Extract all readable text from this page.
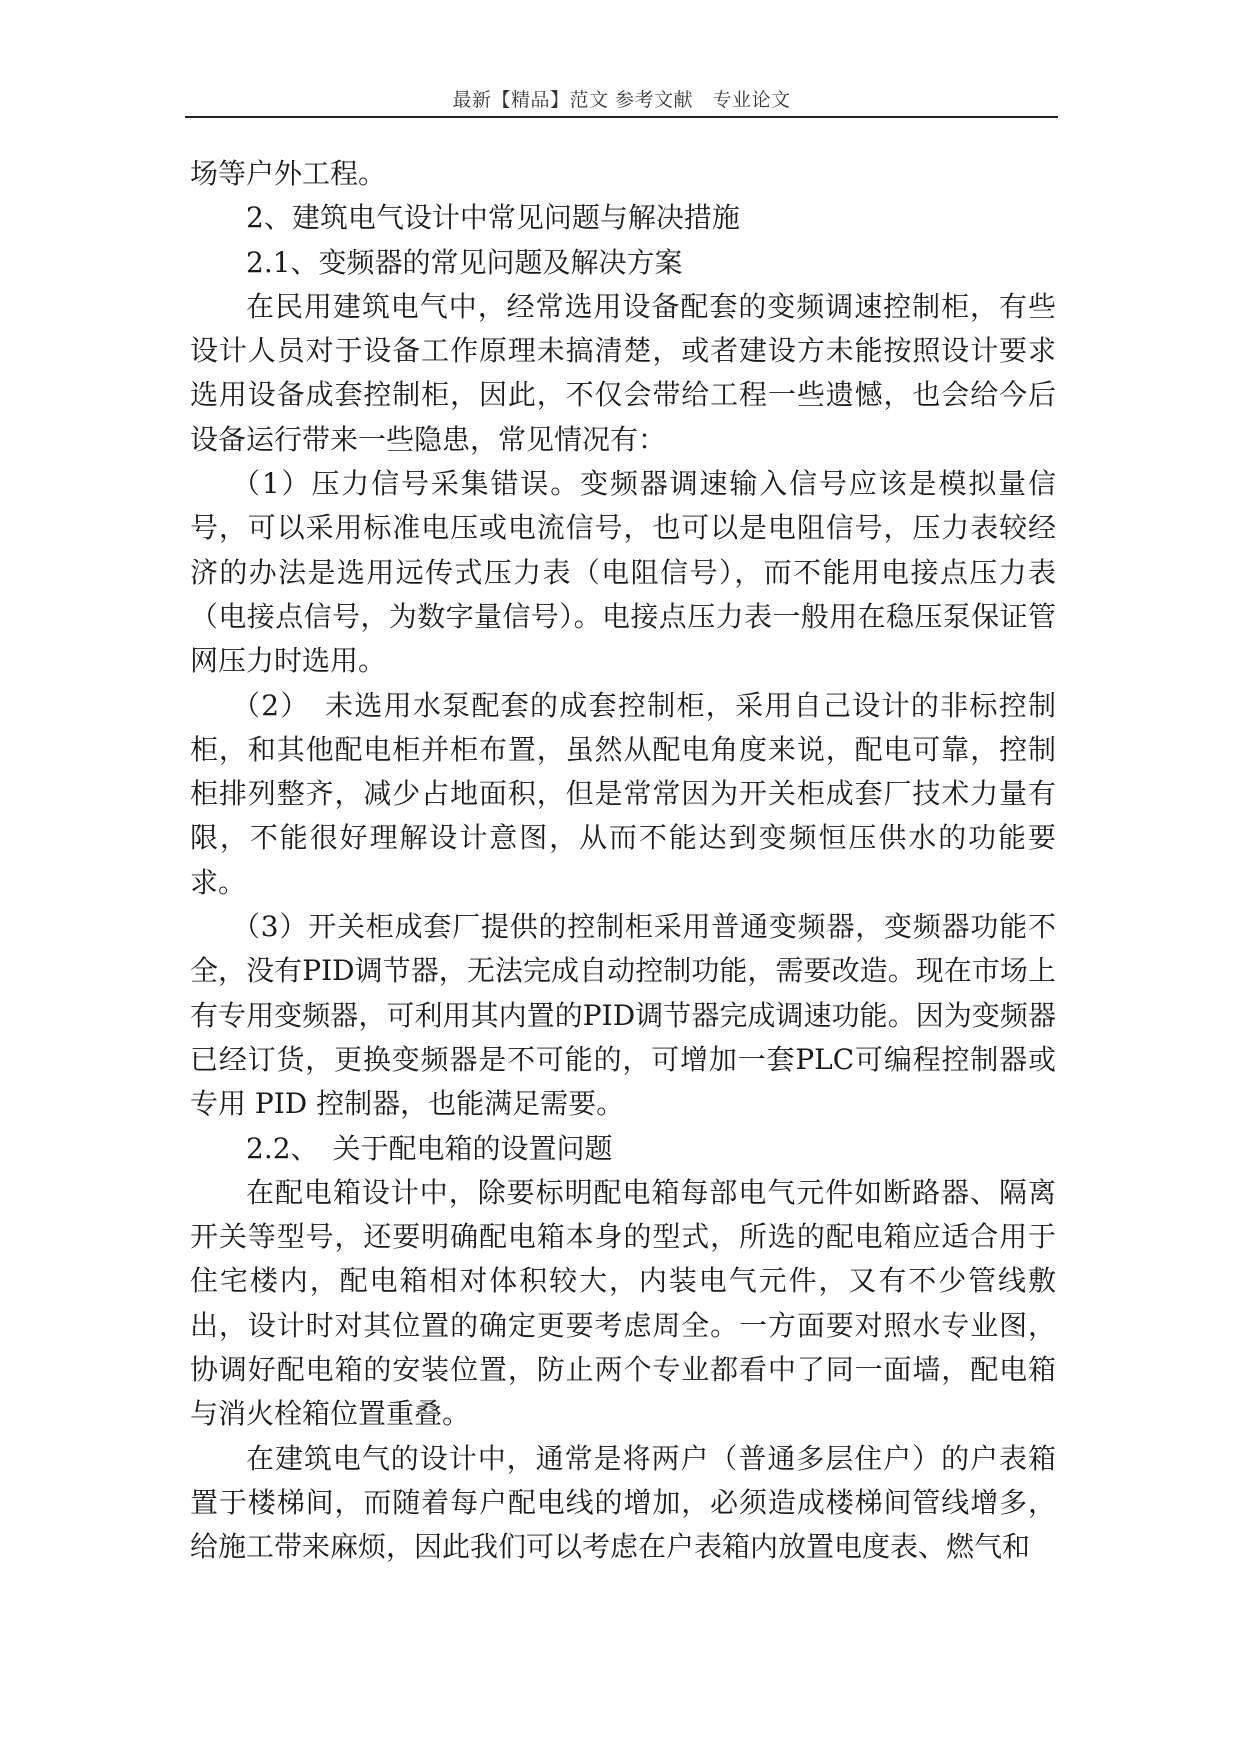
最新【精品】范文 参考文献　专业论文

场等户外工程。

2、建筑电气设计中常见问题与解决措施

2.1、变频器的常见问题及解决方案

在民用建筑电气中，经常选用设备配套的变频调速控制柜，有些设计人员对于设备工作原理未搞清楚，或者建设方未能按照设计要求选用设备成套控制柜，因此，不仅会带给工程一些遗憾，也会给今后设备运行带来一些隐患，常见情况有：

（1）压力信号采集错误。变频器调速输入信号应该是模拟量信号，可以采用标准电压或电流信号，也可以是电阻信号，压力表较经济的办法是选用远传式压力表（电阻信号），而不能用电接点压力表（电接点信号，为数字量信号）。电接点压力表一般用在稳压泵保证管网压力时选用。

（2）　未选用水泵配套的成套控制柜，采用自己设计的非标控制柜，和其他配电柜并柜布置，虽然从配电角度来说，配电可靠，控制柜排列整齐，减少占地面积，但是常常因为开关柜成套厂技术力量有限，不能很好理解设计意图，从而不能达到变频恒压供水的功能要求。

（3）开关柜成套厂提供的控制柜采用普通变频器，变频器功能不全，没有PID调节器，无法完成自动控制功能，需要改造。现在市场上有专用变频器，可利用其内置的PID调节器完成调速功能。因为变频器已经订货，更换变频器是不可能的，可增加一套PLC可编程控制器或专用 PID 控制器，也能满足需要。

2.2、　关于配电箱的设置问题

在配电箱设计中，除要标明配电箱每部电气元件如断路器、隔离开关等型号，还要明确配电箱本身的型式，所选的配电箱应适合用于住宅楼内，配电箱相对体积较大，内装电气元件，又有不少管线敷出，设计时对其位置的确定更要考虑周全。一方面要对照水专业图，协调好配电箱的安装位置，防止两个专业都看中了同一面墙，配电箱与消火栓箱位置重叠。

在建筑电气的设计中，通常是将两户（普通多层住户）的户表箱置于楼梯间，而随着每户配电线的增加，必须造成楼梯间管线增多，给施工带来麻烦，因此我们可以考虑在户表箱内放置电度表、燃气和
